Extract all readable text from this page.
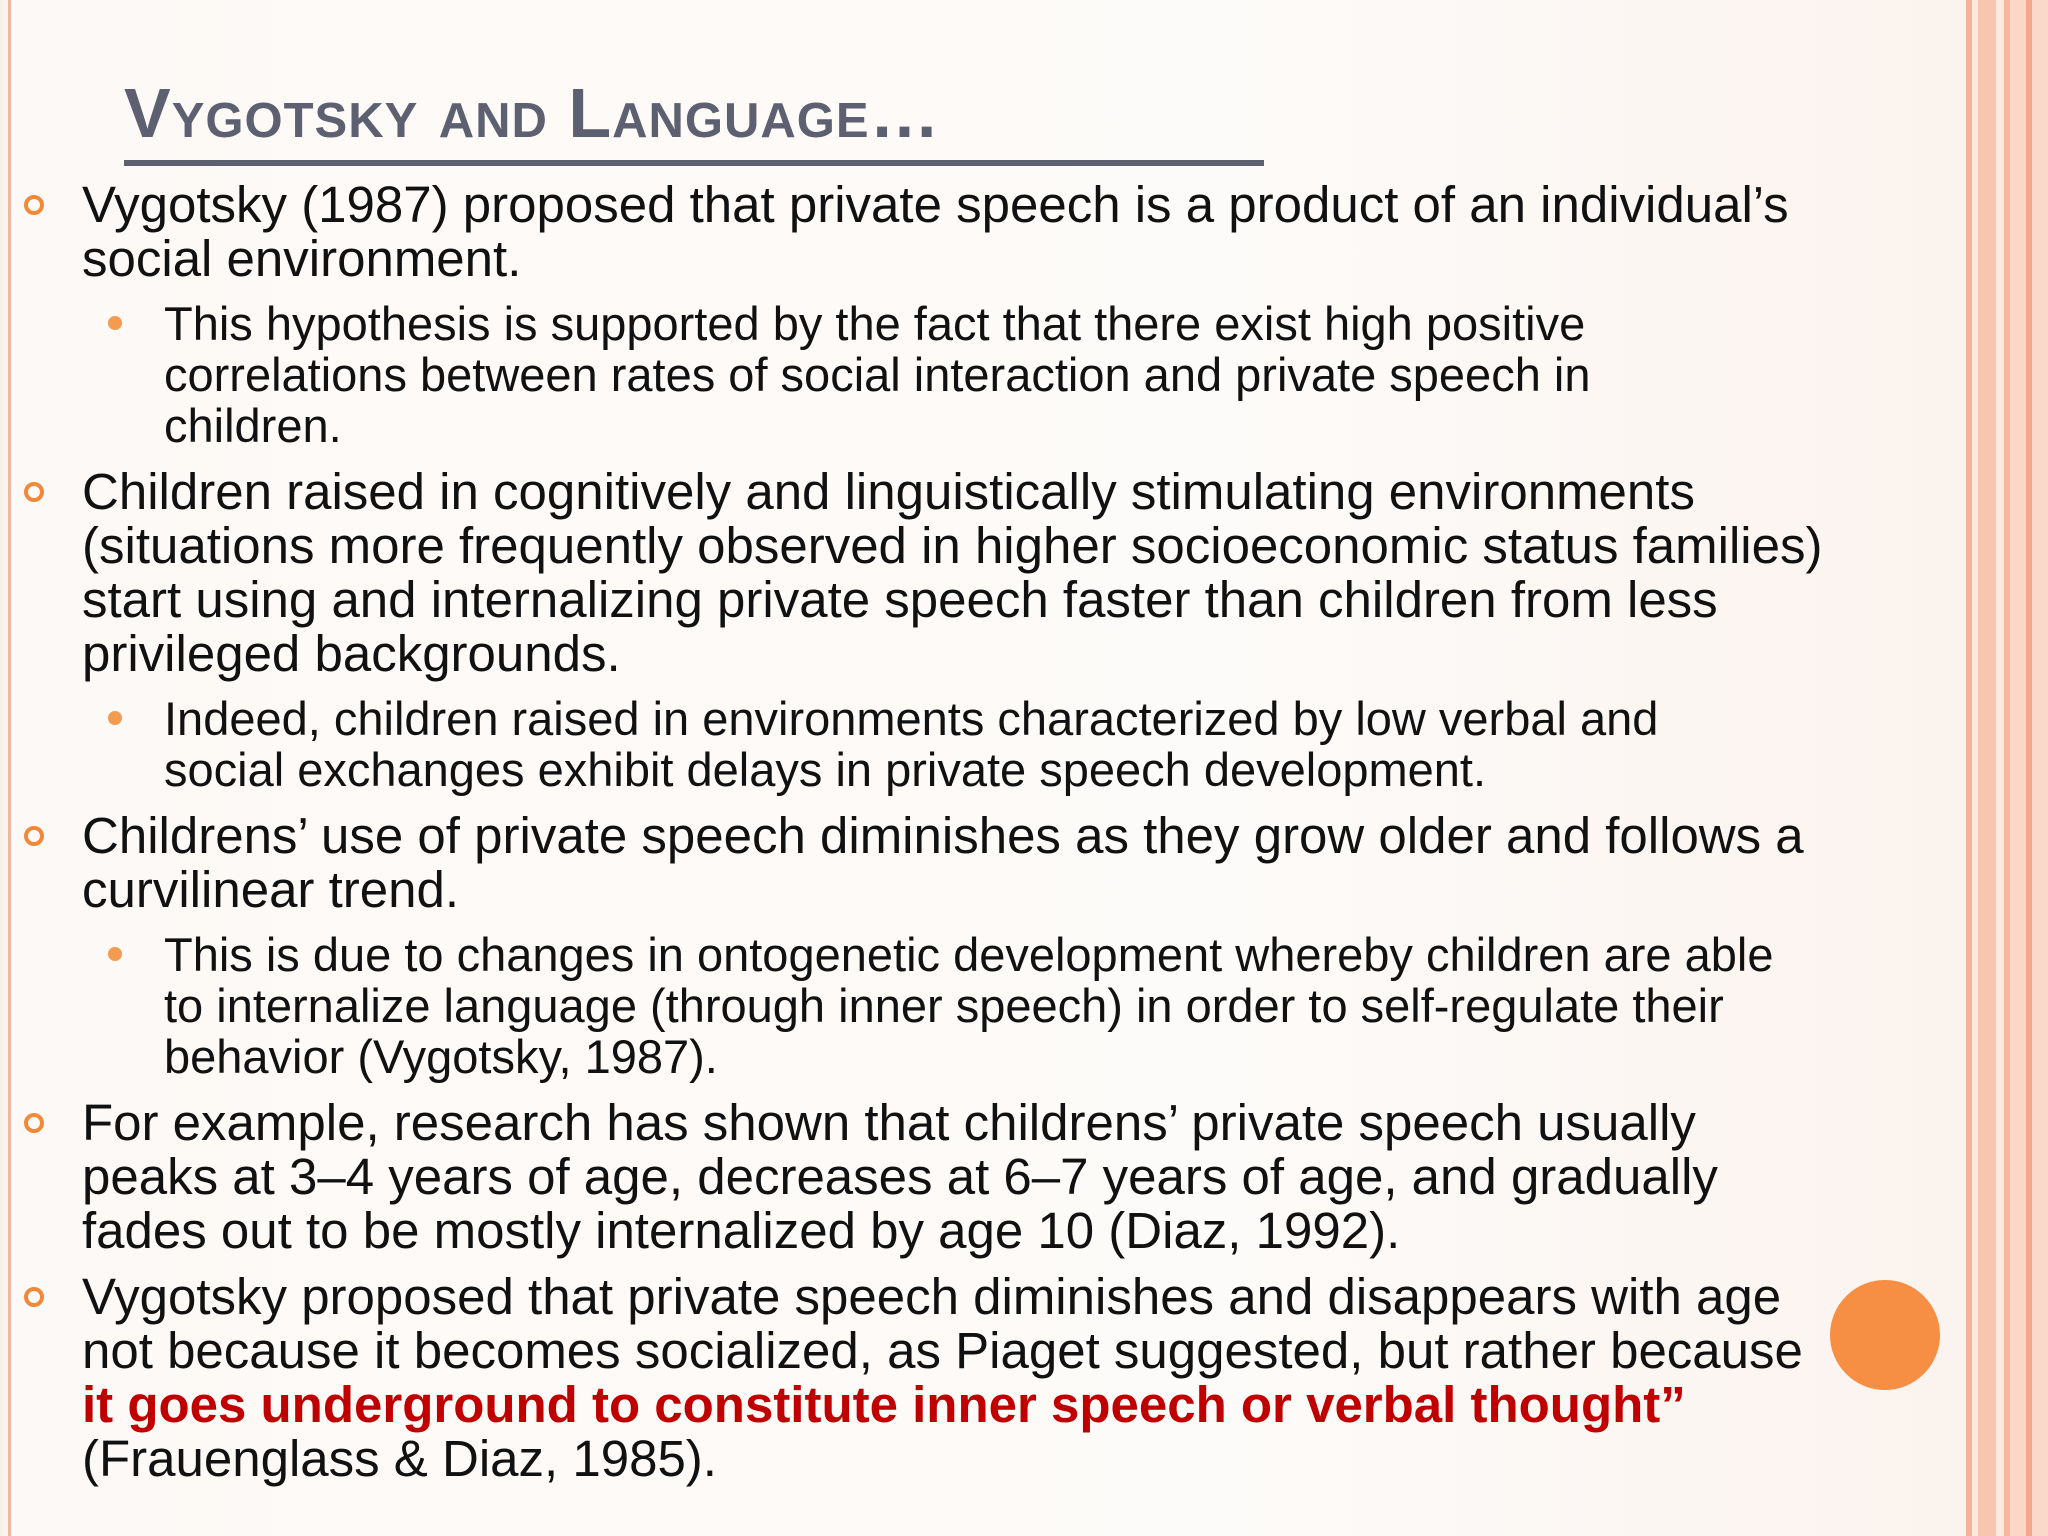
Vygotsky and Language…
Vygotsky (1987) proposed that private speech is a product of an individual’s
social environment.
This hypothesis is supported by the fact that there exist high positive
correlations between rates of social interaction and private speech in
children.
Children raised in cognitively and linguistically stimulating environments
(situations more frequently observed in higher socioeconomic status families)
start using and internalizing private speech faster than children from less
privileged backgrounds.
Indeed, children raised in environments characterized by low verbal and
social exchanges exhibit delays in private speech development.
Childrens’ use of private speech diminishes as they grow older and follows a
curvilinear trend.
This is due to changes in ontogenetic development whereby children are able
to internalize language (through inner speech) in order to self-regulate their
behavior (Vygotsky, 1987).
For example, research has shown that childrens’ private speech usually
peaks at 3–4 years of age, decreases at 6–7 years of age, and gradually
fades out to be mostly internalized by age 10 (Diaz, 1992).
Vygotsky proposed that private speech diminishes and disappears with age
not because it becomes socialized, as Piaget suggested, but rather because
it goes underground to constitute inner speech or verbal thought”
(Frauenglass & Diaz, 1985).
